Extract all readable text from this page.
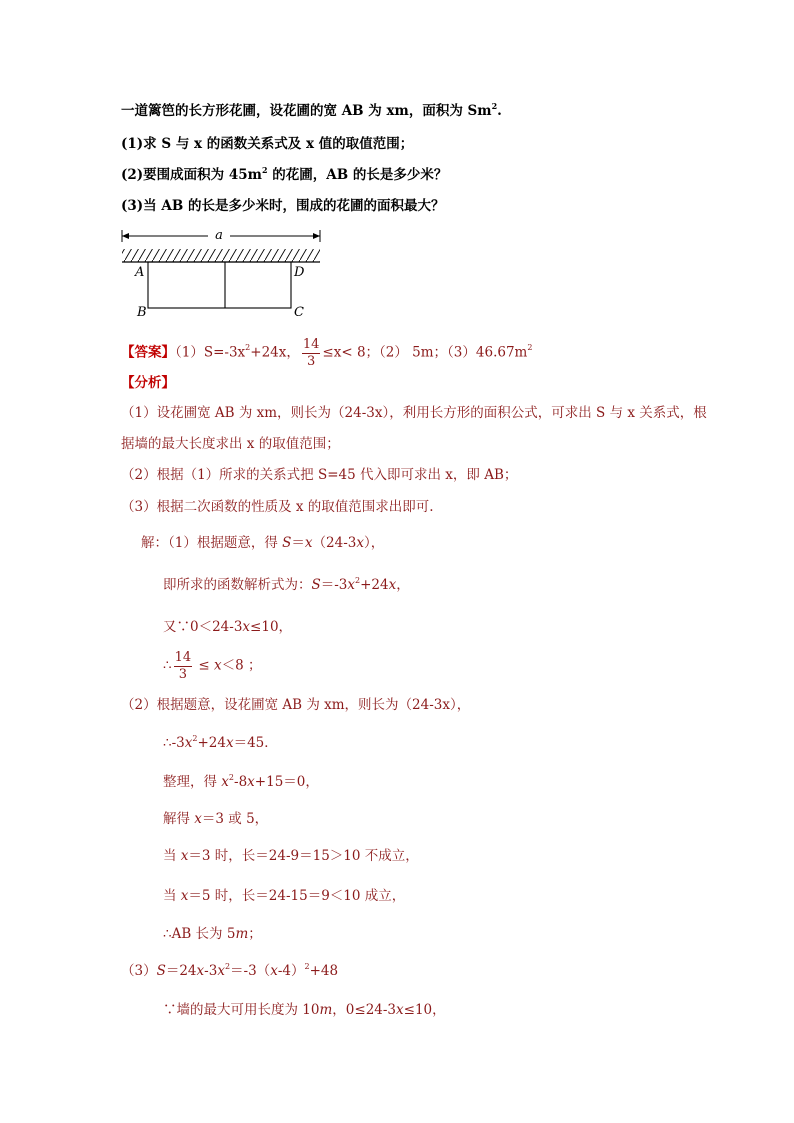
一道篱笆的长方形花圃，设花圃的宽 AB 为 xm，面积为 Sm$^2$.
(1)求 S 与 x 的函数关系式及 x 值的取值范围；
(2)要围成面积为 $45m^2$ 的花圃，AB 的长是多少米？
(3)当 AB 的长是多少米时，围成的花圃的面积最大？
a
A
B	C
D
【答案】$(1)S=-3x^2+24x$， $\frac{14}{3} \le x< 8$；（2） 5m；$(3)46.67m^2$
【分析】
（1）设花圃宽 AB 为 xm，则长为（24-3x），利用长方形的面积公式，可求出 S 与 x 关系式，根
据墙的最大长度求出 x 的取值范围；
（2）根据（1）所求的关系式把 S=45 代入即可求出 x，即 AB；
（3）根据二次函数的性质及 x 的取值范围求出即可.
解：（1）根据题意，得 S＝x（24-3x），
即所求的函数解析式为：$S=-3x^2+24x$，
又∵0＜24-3x≤10，
∴ $\frac{14}{3} \le x<8$ ；
（2）根据题意，设花圃宽 AB 为 xm，则长为（24-3x），
$\therefore-3x^2+24x=45$．
整理，得 $x^2-8x+15=0$，
解得 x＝3 或 5，
当 x＝3 时，长＝24-9＝15＞10 不成立，
当 x＝5 时，长＝24-15＝9＜10 成立，
∴AB 长为 5m；
$(3)S=24x-3x^2=-3(x-4)^2+48$
∵墙的最大可用长度为 10m，0≤24-3x≤10，
